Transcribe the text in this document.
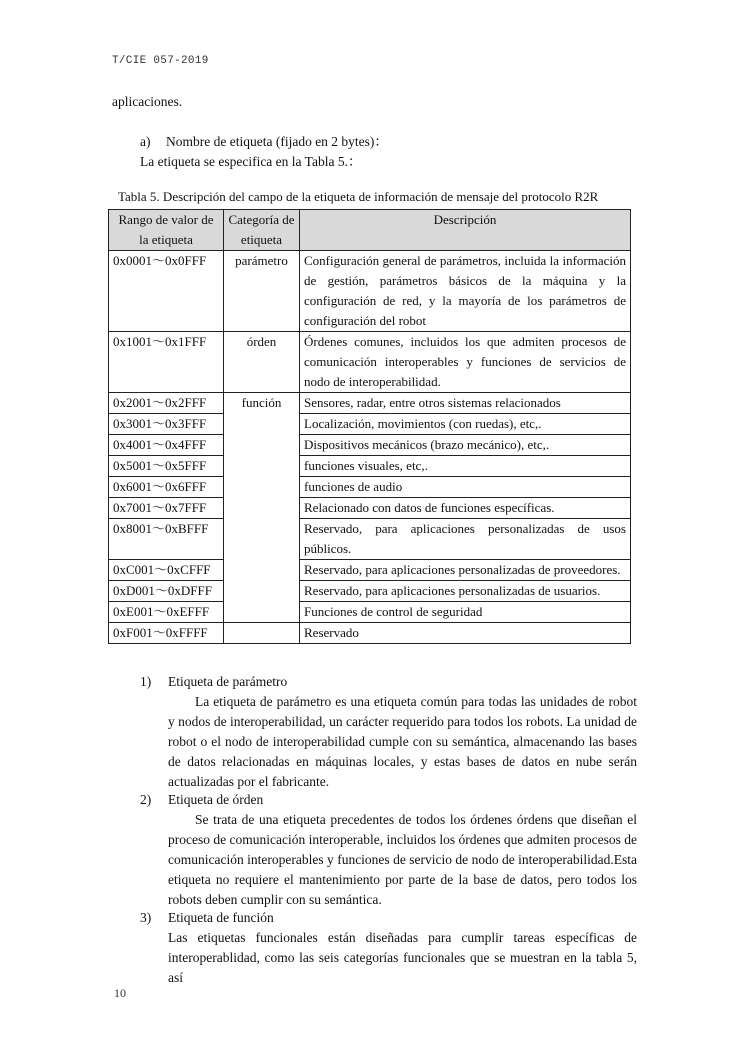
T/CIE 057-2019
aplicaciones.
a) Nombre de etiqueta (fijado en 2 bytes)：
La etiqueta se especifica en la Tabla 5.：
Tabla 5. Descripción del campo de la etiqueta de información de mensaje del protocolo R2R
Rango de valor de la etiqueta	Categoría de etiqueta	Descripción
0x0001～0x0FFF	parámetro	Configuración general de parámetros, incluida la información de gestión, parámetros básicos de la máquina y la configuración de red, y la mayoría de los parámetros de configuración del robot
0x1001～0x1FFF	órden	Órdenes comunes, incluidos los que admiten procesos de comunicación interoperables y funciones de servicios de nodo de interoperabilidad.
0x2001～0x2FFF	función	Sensores, radar, entre otros sistemas relacionados
0x3001～0x3FFF		Localización, movimientos (con ruedas), etc,.
0x4001～0x4FFF		Dispositivos mecánicos (brazo mecánico), etc,.
0x5001～0x5FFF		funciones visuales, etc,.
0x6001～0x6FFF		funciones de audio
0x7001～0x7FFF		Relacionado con datos de funciones específicas.
0x8001～0xBFFF		Reservado, para aplicaciones personalizadas de usos públicos.
0xC001～0xCFFF		Reservado, para aplicaciones personalizadas de proveedores.
0xD001～0xDFFF		Reservado, para aplicaciones personalizadas de usuarios.
0xE001～0xEFFF		Funciones de control de seguridad
0xF001～0xFFFF		Reservado
1) Etiqueta de parámetro
La etiqueta de parámetro es una etiqueta común para todas las unidades de robot y nodos de interoperabilidad, un carácter requerido para todos los robots. La unidad de robot o el nodo de interoperabilidad cumple con su semántica, almacenando las bases de datos relacionadas en máquinas locales, y estas bases de datos en nube serán actualizadas por el fabricante.
2) Etiqueta de órden
Se trata de una etiqueta precedentes de todos los órdenes órdens que diseñan el proceso de comunicación interoperable, incluidos los órdenes que admiten procesos de comunicación interoperables y funciones de servicio de nodo de interoperabilidad.Esta etiqueta no requiere el mantenimiento por parte de la base de datos, pero todos los robots deben cumplir con su semántica.
3) Etiqueta de función
Las etiquetas funcionales están diseñadas para cumplir tareas específicas de interoperablidad, como las seis categorías funcionales que se muestran en la tabla 5, así
10
